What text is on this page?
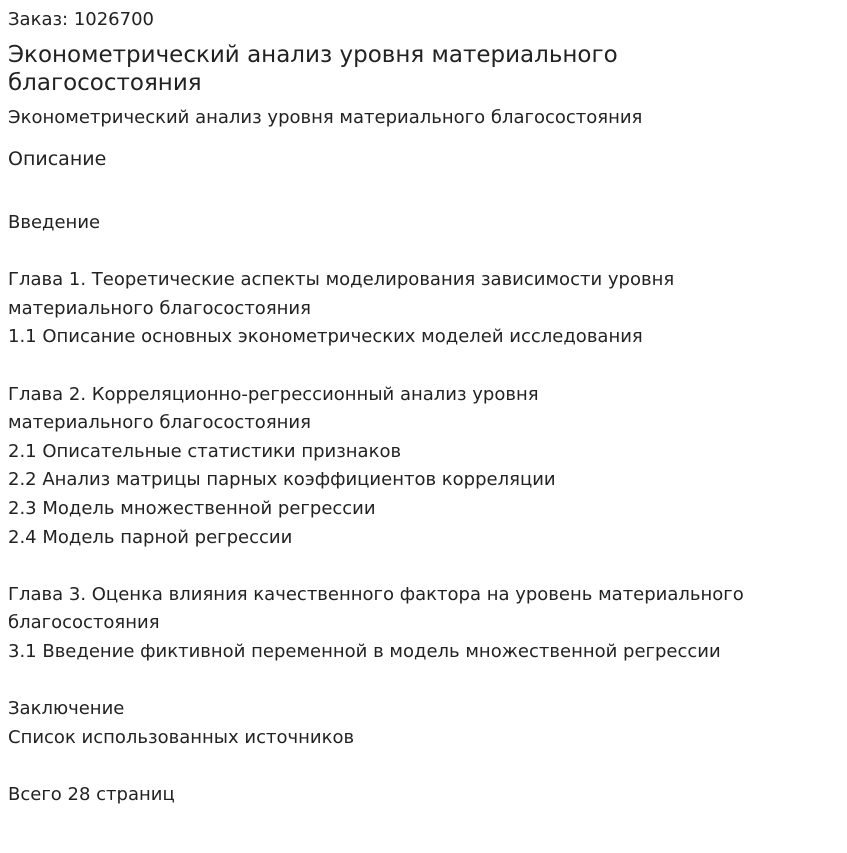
Заказ: 1026700
Эконометрический анализ уровня материального благосостояния
Эконометрический анализ уровня материального благосостояния
Описание
Введение
Глава 1. Теоретические аспекты моделирования зависимости уровня
материального благосостояния
1.1 Описание основных эконометрических моделей исследования
Глава 2. Корреляционно-регрессионный анализ уровня
материального благосостояния
2.1 Описательные статистики признаков
2.2 Анализ матрицы парных коэффициентов корреляции
2.3 Модель множественной регрессии
2.4 Модель парной регрессии
Глава 3. Оценка влияния качественного фактора на уровень материального
благосостояния
3.1 Введение фиктивной переменной в модель множественной регрессии
Заключение
Список использованных источников
Всего 28 страниц
